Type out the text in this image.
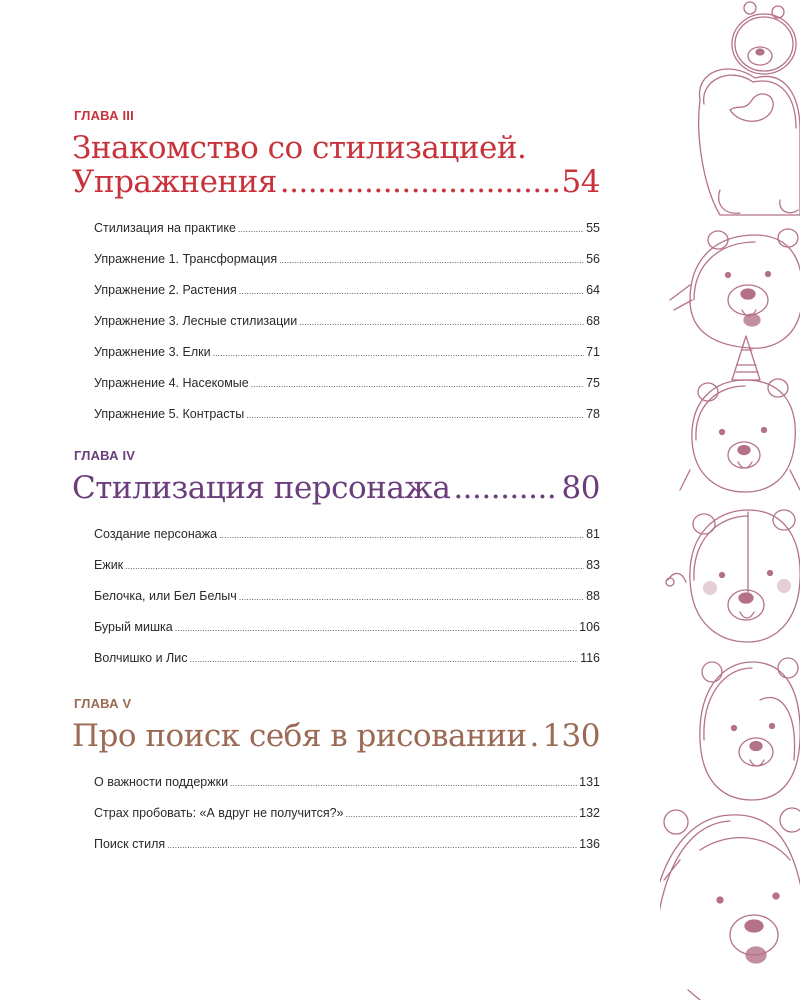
ГЛАВА III
Знакомство со стилизацией.
Упражнения .....	54
Стилизация на практике .....	55
Упражнение 1. Трансформация .....	56
Упражнение 2. Растения .....	64
Упражнение 3. Лесные стилизации .....	68
Упражнение 3. Елки .....	71
Упражнение 4. Насекомые .....	75
Упражнение 5. Контрасты .....	78
ГЛАВА IV
Стилизация персонажа .....	80
Создание персонажа .....	81
Ежик .....	83
Белочка, или Бел Белыч .....	88
Бурый мишка .....	106
Волчишко и Лис .....	116
ГЛАВА V
Про поиск себя в рисовании ..... 130
О важности поддержки .....	131
Страх пробовать: «А вдруг не получится?» .....	132
Поиск стиля .....	136
